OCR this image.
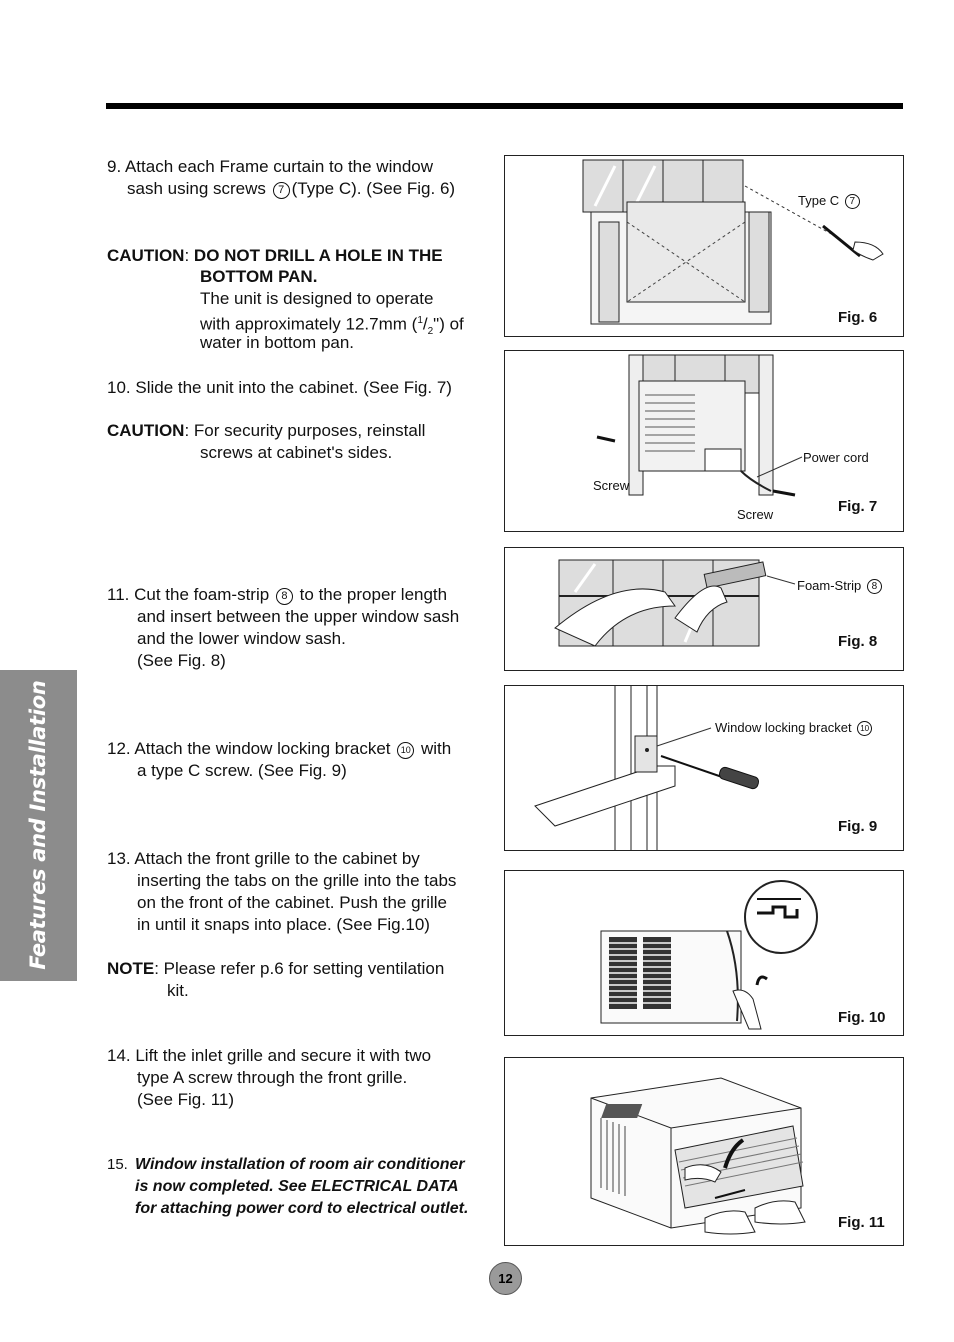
Features and Installation
9. Attach each Frame curtain to the window
sash using screws 7 (Type C). (See Fig. 6)
CAUTION: DO NOT DRILL A HOLE IN THE
BOTTOM PAN.
The unit is designed to operate
with approximately 12.7mm $(^1/_2")$ of
water in bottom pan.
10. Slide the unit into the cabinet. (See Fig. 7)
CAUTION: For security purposes, reinstall
screws at cabinet's sides.
11. Cut the foam-strip 8 to the proper length
and insert between the upper window sash
and the lower window sash.
(See Fig. 8)
12. Attach the window locking bracket 10 with
a type C screw. (See Fig. 9)
13. Attach the front grille to the cabinet by
inserting the tabs on the grille into the tabs
on the front of the cabinet. Push the grille
in until it snaps into place. (See Fig.10)
NOTE: Please refer p.6 for setting ventilation
kit.
14. Lift the inlet grille and secure it with two
type A screw through the front grille.
(See Fig. 11)
15. Window installation of room air conditioner
is now completed. See ELECTRICAL DATA
for attaching power cord to electrical outlet.
Type C 7
Fig. 6
Power cord
Screw
Screw	Fig. 7
Foam-Strip 8
Fig. 8
Window locking bracket 10
Fig. 9
Fig. 10
Fig. 11
12
